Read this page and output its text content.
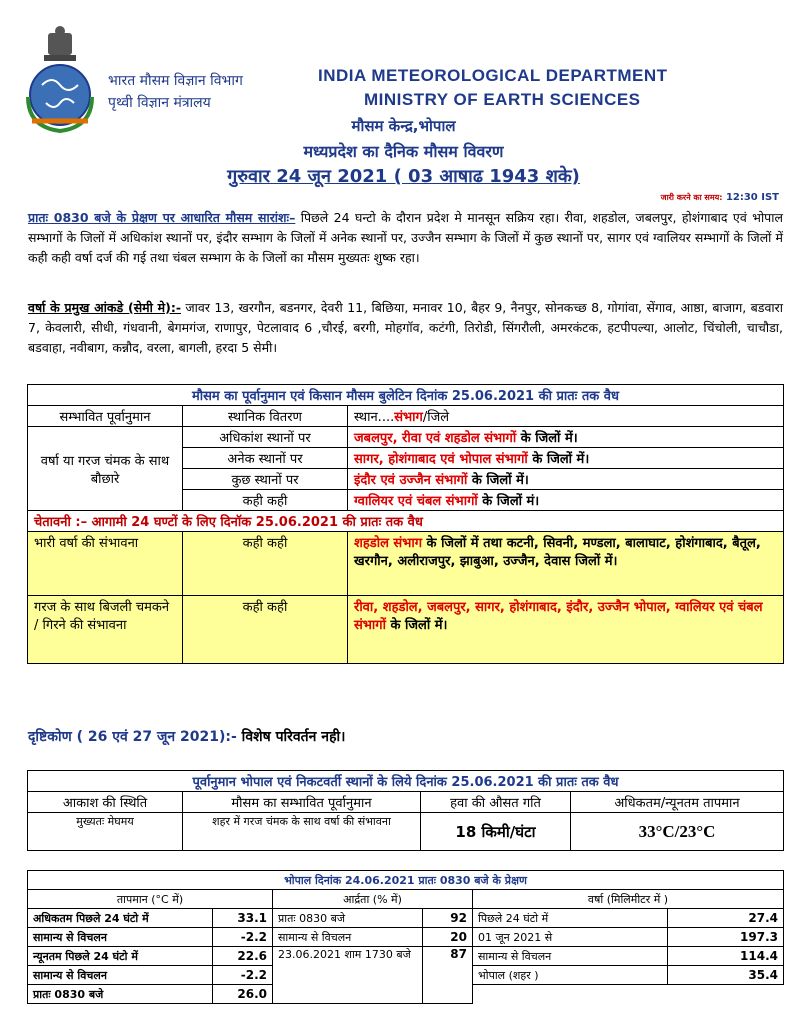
भारत मौसम विज्ञान विभाग
पृथ्वी विज्ञान मंत्रालय
INDIA METEOROLOGICAL DEPARTMENT
MINISTRY OF EARTH SCIENCES
मौसम केन्द्र,भोपाल
मध्यप्रदेश का दैनिक मौसम विवरण
गुरुवार 24 जून 2021 ( 03 आषाढ 1943 शके)
जारी करने का समय: 12:30 IST
प्रातः 0830 बजे के प्रेक्षण पर आधारित मौसम सारांशः– पिछले 24 घन्टो के दौरान प्रदेश मे मानसून सक्रिय रहा। रीवा, शहडोल, जबलपुर, होशंगाबाद एवं भोपाल सम्भागों के जिलों में अधिकांश स्थानों पर, इंदौर सम्भाग के जिलों में अनेक स्थानों पर, उज्जैन सम्भाग के जिलों में कुछ स्थानों पर, सागर एवं ग्वालियर सम्भागों के जिलों में कही कही वर्षा दर्ज की गई तथा चंबल सम्भाग के के जिलों का मौसम मुख्यतः शुष्क रहा।
वर्षा के प्रमुख आंकडे (सेमी मे):- जावर 13, खरगौन, बडनगर, देवरी 11, बिछिया, मनावर 10, बैहर 9, नैनपुर, सोनकच्छ 8, गोगांवा, सेंगाव, आष्ठा, बाजाग, बडवारा 7, केवलारी, सीधी, गंधवानी, बेगमगंज, राणापुर, पेटलावाद 6 ,चौरई, बरगी, मोहगॉव, कटंगी, तिरोडी, सिंगरौली, अमरकंटक, हटपीपल्या, आलोट, चिंचोली, चाचौडा, बडवाहा, नवीबाग, कन्नौद, वरला, बागली, हरदा 5 सेमी।
मौसम का पूर्वानुमान एवं किसान मौसम बुलेटिन दिनांक 25.06.2021 की प्रातः तक वैध		
सम्भावित पूर्वानुमान	स्थानिक वितरण	स्थान....संभाग/जिले
वर्षा या गरज चंमक के साथ बौछारे	अधिकांश स्थानों पर	जबलपुर, रीवा एवं शहडोल संभागों के जिलों में।
	अनेक स्थानों पर	सागर, होशंगाबाद एवं भोपाल संभागों के जिलों में।
	कुछ स्थानों पर	इंदौर एवं उज्जैन संभागों के जिलों में।
	कही कही	ग्वालियर एवं चंबल संभागों के जिलों मं।
चेतावनी :– आगामी 24 घण्टों के लिए दिनॉक 25.06.2021 की प्रातः तक वैध		
भारी वर्षा की संभावना	कही कही	शहडोल संभाग के जिलों में तथा कटनी, सिवनी, मण्डला, बालाघाट, होशंगाबाद, बैतूल, खरगौन, अलीराजपुर, झाबुआ, उज्जैन, देवास जिलों में।
गरज के साथ बिजली चमकने / गिरने की संभावना	कही कही	रीवा, शहडोल, जबलपुर, सागर, होशंगाबाद, इंदौर, उज्जैन भोपाल, ग्वालियर एवं चंबल संभागों के जिलों में।
दृष्टिकोण ( 26 एवं 27 जून 2021):- विशेष परिवर्तन नही।
पूर्वानुमान भोपाल एवं निकटवर्ती स्थानों के लिये दिनांक 25.06.2021 की प्रातः तक वैध			
आकाश की स्थिति	मौसम का सम्भावित पूर्वानुमान	हवा की औसत गति	अधिकतम/न्यूनतम तापमान
मुख्यतः मेघमय	शहर में गरज चंमक के साथ वर्षा की संभावना	18 किमी/घंटा	33°C/23°C
भोपाल दिनांक 24.06.2021 प्रातः 0830 बजे के प्रेक्षण					
तापमान (°C में)		आर्द्रता (% में)		वर्षा (मिलिमीटर में )	
अधिकतम पिछले 24 घंटो में	33.1	प्रातः 0830 बजे	92	पिछले 24 घंटो में	27.4
सामान्य से विचलन	-2.2	सामान्य से विचलन	20	01 जून 2021 से	197.3
न्यूनतम पिछले 24 घंटो में	22.6	23.06.2021 शाम 1730 बजे	87	सामान्य से विचलन	114.4
सामान्य से विचलन	-2.2			भोपाल (शहर )	35.4
प्रातः 0830 बजे	26.0				
